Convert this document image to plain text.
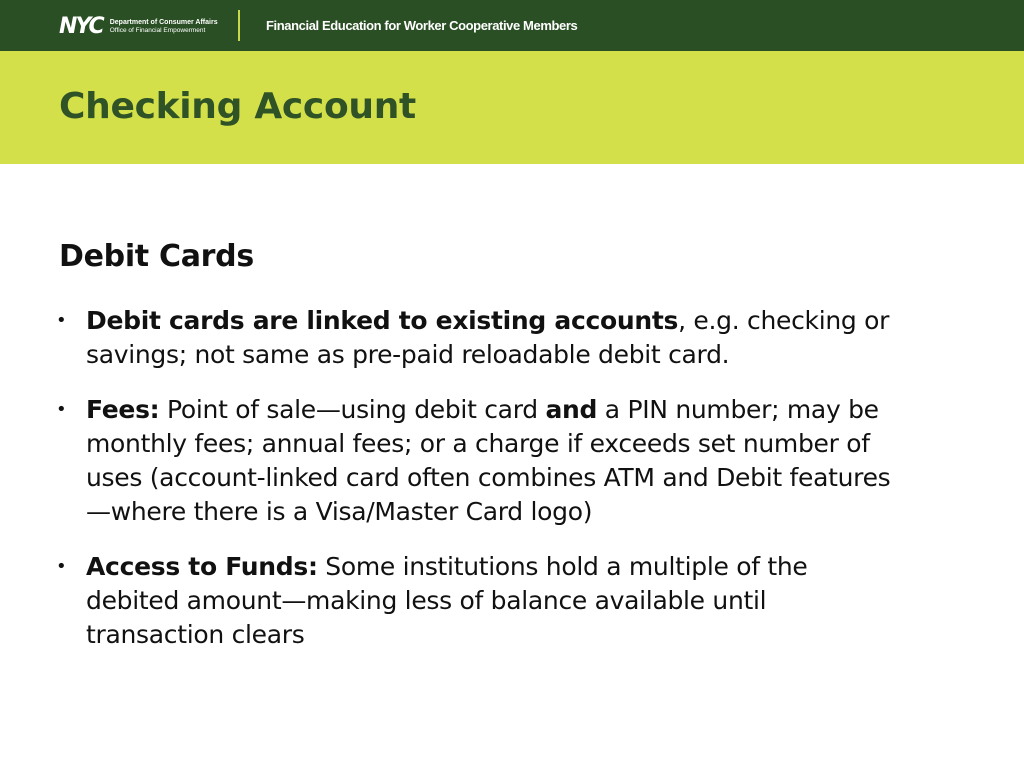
NYC Department of Consumer Affairs
Office of Financial Empowerment	Financial Education for Worker Cooperative Members
Checking Account
Debit Cards
• Debit cards are linked to existing accounts, e.g. checking or savings; not same as pre-paid reloadable debit card.
• Fees: Point of sale—using debit card and a PIN number; may be monthly fees; annual fees; or a charge if exceeds set number of uses (account-linked card often combines ATM and Debit features—where there is a Visa/Master Card logo)
• Access to Funds: Some institutions hold a multiple of the debited amount—making less of balance available until transaction clears
